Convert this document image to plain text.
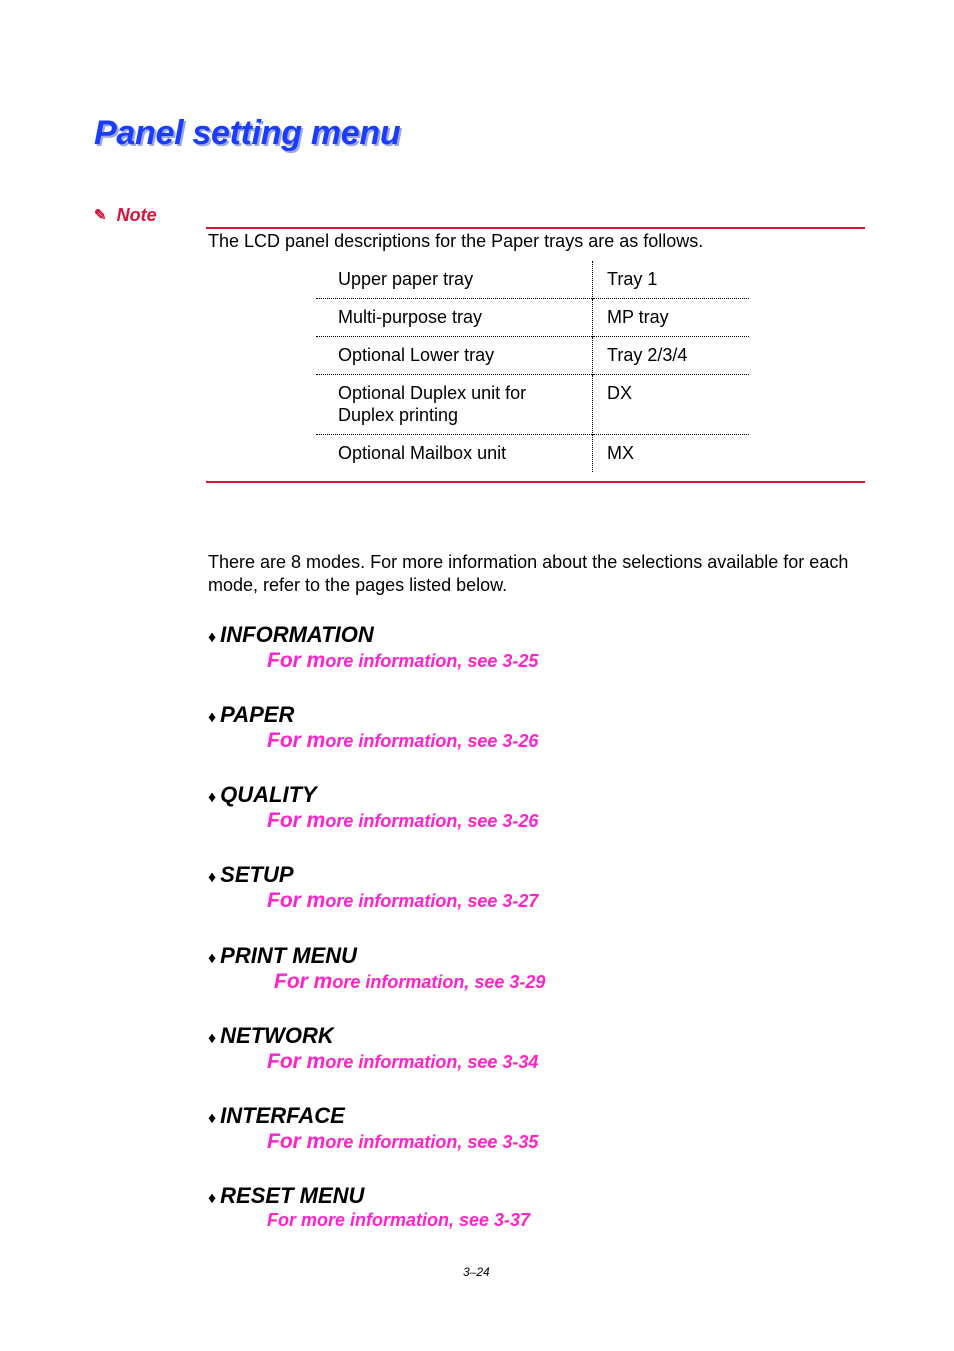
Panel setting menu
✎ Note

The LCD panel descriptions for the Paper trays are as follows.

Upper paper tray	Tray 1
Multi-purpose tray	MP tray
Optional Lower tray	Tray 2/3/4
Optional Duplex unit for Duplex printing	DX
Optional Mailbox unit	MX

There are 8 modes. For more information about the selections available for each mode, refer to the pages listed below.

♦ INFORMATION
For more information, see 3-25
♦ PAPER
For more information, see 3-26
♦ QUALITY
For more information, see 3-26
♦ SETUP
For more information, see 3-27
♦ PRINT MENU
For more information, see 3-29
♦ NETWORK
For more information, see 3-34
♦ INTERFACE
For more information, see 3-35
♦ RESET MENU
For more information, see 3-37
3–24
